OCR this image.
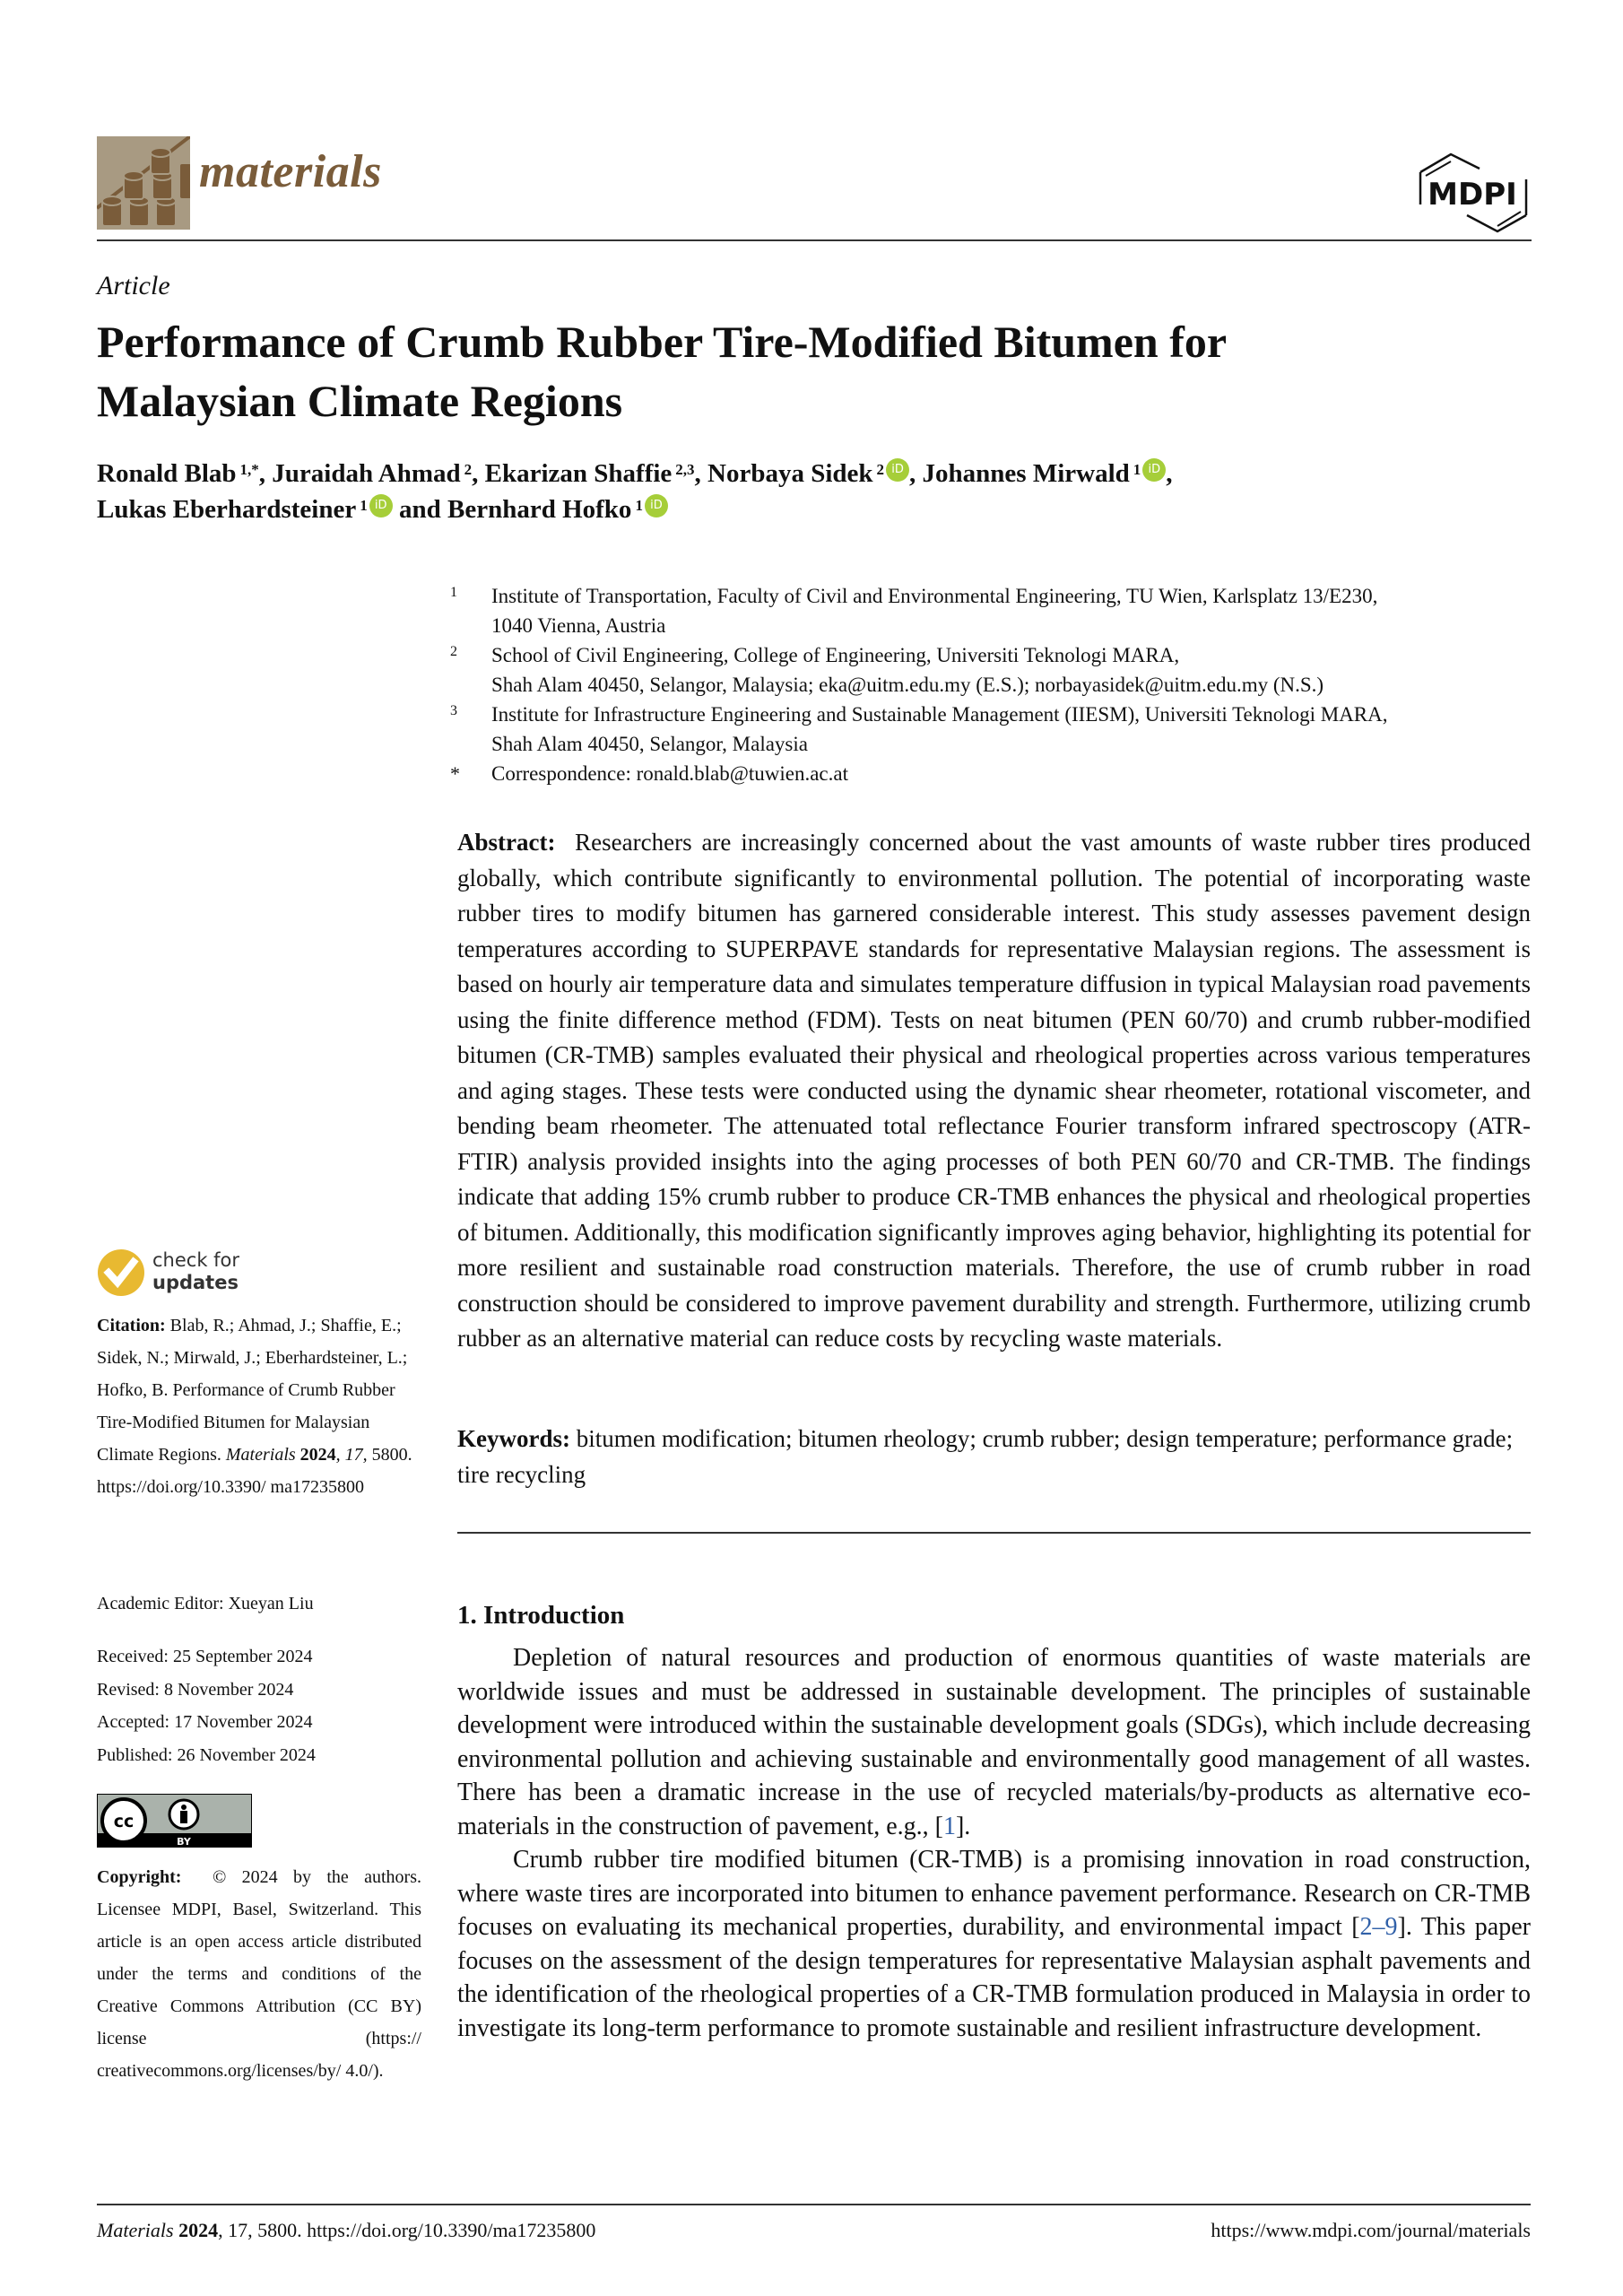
materials	MDPI
Article
Performance of Crumb Rubber Tire-Modified Bitumen for
Malaysian Climate Regions
Ronald Blab $^{1,*}$, Juraidah Ahmad $^2$, Ekarizan Shaffie $^{2,3}$, Norbaya Sidek $^2$ iD , Johannes Mirwald $^1$ iD ,
Lukas Eberhardsteiner $^1$ iD and Bernhard Hofko $^1$ iD
1 Institute of Transportation, Faculty of Civil and Environmental Engineering, TU Wien, Karlsplatz 13/E230,
1040 Vienna, Austria
2 School of Civil Engineering, College of Engineering, Universiti Teknologi MARA,
Shah Alam 40450, Selangor, Malaysia; eka@uitm.edu.my (E.S.); norbayasidek@uitm.edu.my (N.S.)
3 Institute for Infrastructure Engineering and Sustainable Management (IIESM), Universiti Teknologi MARA,
Shah Alam 40450, Selangor, Malaysia
* Correspondence: ronald.blab@tuwien.ac.at
Abstract: Researchers are increasingly concerned about the vast amounts of waste rubber tires produced globally, which contribute significantly to environmental pollution. The potential of incorporating waste rubber tires to modify bitumen has garnered considerable interest. This study assesses pavement design temperatures according to SUPERPAVE standards for representative Malaysian regions. The assessment is based on hourly air temperature data and simulates temperature diffusion in typical Malaysian road pavements using the finite difference method (FDM). Tests on neat bitumen (PEN 60/70) and crumb rubber-modified bitumen (CR-TMB) samples evaluated their physical and rheological properties across various temperatures and aging stages. These tests were conducted using the dynamic shear rheometer, rotational viscometer, and bending beam rheometer. The attenuated total reflectance Fourier transform infrared spectroscopy (ATR-FTIR) analysis provided insights into the aging processes of both PEN 60/70 and CR-TMB. The findings indicate that adding 15% crumb rubber to produce CR-TMB enhances the physical and rheological properties of bitumen. Additionally, this modification significantly improves aging behavior, highlighting its potential for more resilient and sustainable road construction materials. Therefore, the use of crumb rubber in road construction should be considered to improve pavement durability and strength. Furthermore, utilizing crumb rubber as an alternative material can reduce costs by recycling waste materials.
Keywords: bitumen modification; bitumen rheology; crumb rubber; design temperature; performance grade; tire recycling
1. Introduction
Depletion of natural resources and production of enormous quantities of waste materials are worldwide issues and must be addressed in sustainable development. The principles of sustainable development were introduced within the sustainable development goals (SDGs), which include decreasing environmental pollution and achieving sustainable and environmentally good management of all wastes. There has been a dramatic increase in the use of recycled materials/by-products as alternative eco-materials in the construction of pavement, e.g., [1].
Crumb rubber tire modified bitumen (CR-TMB) is a promising innovation in road construction, where waste tires are incorporated into bitumen to enhance pavement performance. Research on CR-TMB focuses on evaluating its mechanical properties, durability, and environmental impact [2–9]. This paper focuses on the assessment of the design temperatures for representative Malaysian asphalt pavements and the identification of the rheological properties of a CR-TMB formulation produced in Malaysia in order to investigate its long-term performance to promote sustainable and resilient infrastructure development.
check for
updates
Citation: Blab, R.; Ahmad, J.; Shaffie, E.; Sidek, N.; Mirwald, J.; Eberhardsteiner, L.; Hofko, B. Performance of Crumb Rubber Tire-Modified Bitumen for Malaysian Climate Regions. Materials 2024, 17, 5800. https://doi.org/10.3390/ ma17235800
Academic Editor: Xueyan Liu
Received: 25 September 2024
Revised: 8 November 2024
Accepted: 17 November 2024
Published: 26 November 2024
cc
BY
Copyright: © 2024 by the authors. Licensee MDPI, Basel, Switzerland. This article is an open access article distributed under the terms and conditions of the Creative Commons Attribution (CC BY) license (https:// creativecommons.org/licenses/by/ 4.0/).
Materials 2024, 17, 5800. https://doi.org/10.3390/ma17235800	https://www.mdpi.com/journal/materials
